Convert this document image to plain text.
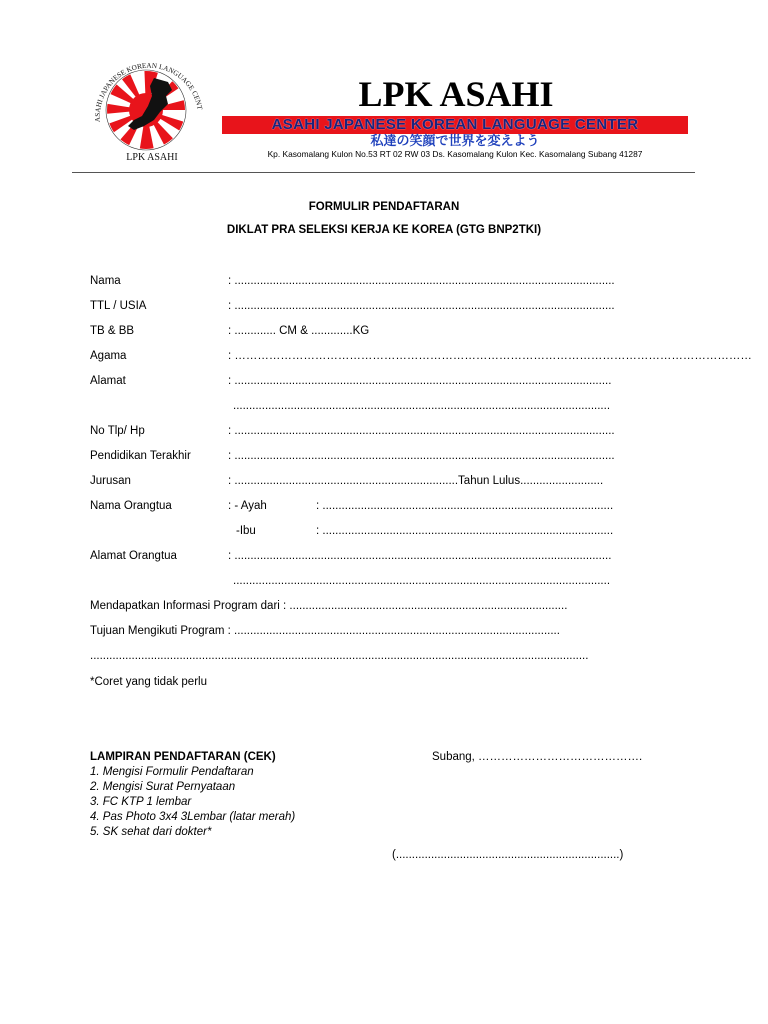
ASAHI JAPANESE KOREAN LANGUAGE CENT
LPK ASAHI
LPK ASAHI
ASAHI JAPANESE KOREAN LANGUAGE CENTER
私達の笑顔で世界を変えよう
Kp. Kasomalang Kulon No.53 RT 02 RW 03 Ds. Kasomalang Kulon Kec. Kasomalang Subang 41287
FORMULIR PENDAFTARAN
DIKLAT PRA SELEKSI KERJA KE KOREA (GTG BNP2TKI)
Nama	: .......................................................................................................................
TTL / USIA	: .......................................................................................................................
TB & BB	: ............. CM & .............KG
Agama	: ………………………………………………………………………………………………………………………
Alamat	: ......................................................................................................................
......................................................................................................................
No Tlp/ Hp	: .......................................................................................................................
Pendidikan Terakhir	: .......................................................................................................................
Jurusan	: ......................................................................Tahun Lulus..........................
Nama Orangtua	: - Ayah	: ...........................................................................................
-Ibu	: ...........................................................................................
Alamat Orangtua	: ......................................................................................................................
......................................................................................................................
Mendapatkan Informasi Program dari : .......................................................................................
Tujuan Mengikuti Program : ......................................................................................................
............................................................................................................................................................
*Coret yang tidak perlu
LAMPIRAN PENDAFTARAN (CEK)
1. Mengisi Formulir Pendaftaran
2. Mengisi Surat Pernyataan
3. FC KTP 1 lembar
4. Pas Photo 3x4 3Lembar (latar merah)
5. SK sehat dari dokter*
Subang, …………………………………….
(......................................................................)
